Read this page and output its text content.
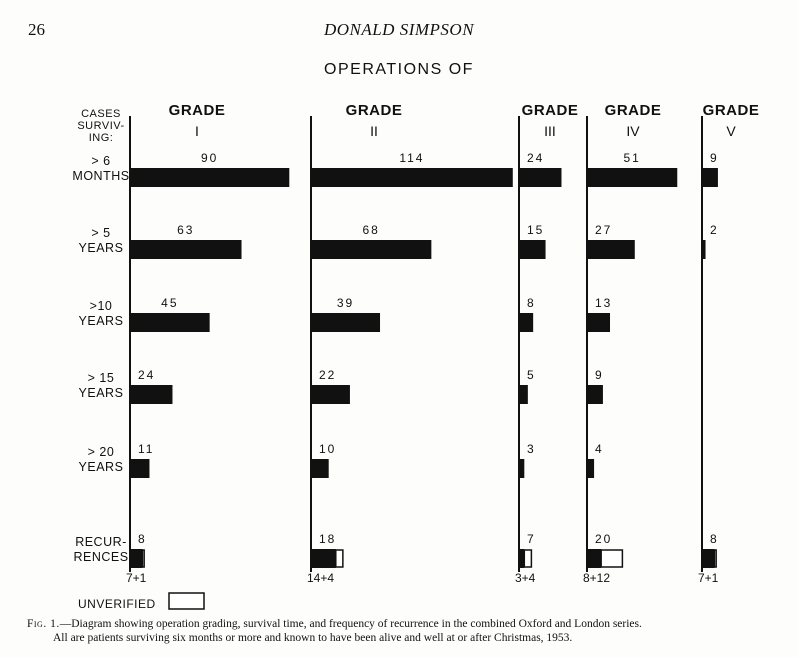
26	DONALD SIMPSON
OPERATIONS OF
CASES
SURVIV-
ING:
> 6
MONTHS
> 5
YEARS
>10
YEARS
> 15
YEARS
> 20
YEARS
RECUR-
RENCES
GRADE
I
90
63
45
24
11
8
7+1
GRADE
II
114
68
39
22
10
18
14+4
GRADE
III
24
15
8
5
3
7
3+4
GRADE
IV
51
27
13
9
4
20
8+12
GRADE
V
9
2
8
7+1
UNVERIFIED
Fig. 1.—Diagram showing operation grading, survival time, and frequency of recurrence in the combined Oxford and London series.
All are patients surviving six months or more and known to have been alive and well at or after Christmas, 1953.
